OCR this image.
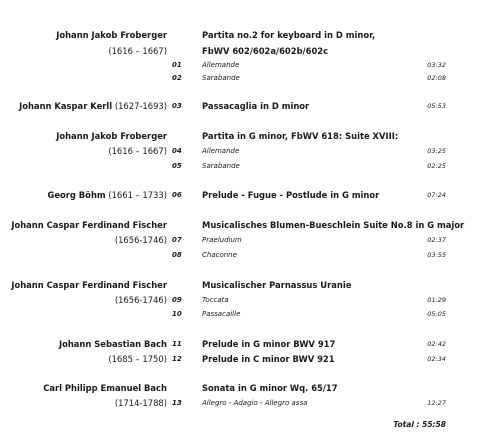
Johann Jakob Froberger	Partita no.2 for keyboard in D minor,
(1616 – 1667)	FbWV 602/602a/602b/602c
01	Allemande	03:32
02	Sarabande	02:08
Johann Kaspar Kerll (1627-1693) 03	Passacaglia in D minor	05:53
Johann Jakob Froberger	Partita in G minor, FbWV 618: Suite XVIII:
(1616 – 1667) 04	Allemande	03:25
05	Sarabande	02:25
Georg Böhm (1661 – 1733) 06	Prelude - Fugue - Postlude in G minor	07:24
Johann Caspar Ferdinand Fischer	Musicalisches Blumen-Bueschlein Suite No.8 in G major
(1656-1746) 07	Praeludium	02:37
08	Chaconne	03:55
Johann Caspar Ferdinand Fischer	Musicalischer Parnassus Uranie
(1656-1746) 09	Toccata	01:29
10	Passacaille	05:05
Johann Sebastian Bach 11	Prelude in G minor BWV 917	02:42
(1685 – 1750) 12	Prelude in C minor BWV 921	02:34
Carl Philipp Emanuel Bach	Sonata in G minor Wq. 65/17
(1714-1788) 13	Allegro - Adagio - Allegro assa	12:27
Total : 55:58
